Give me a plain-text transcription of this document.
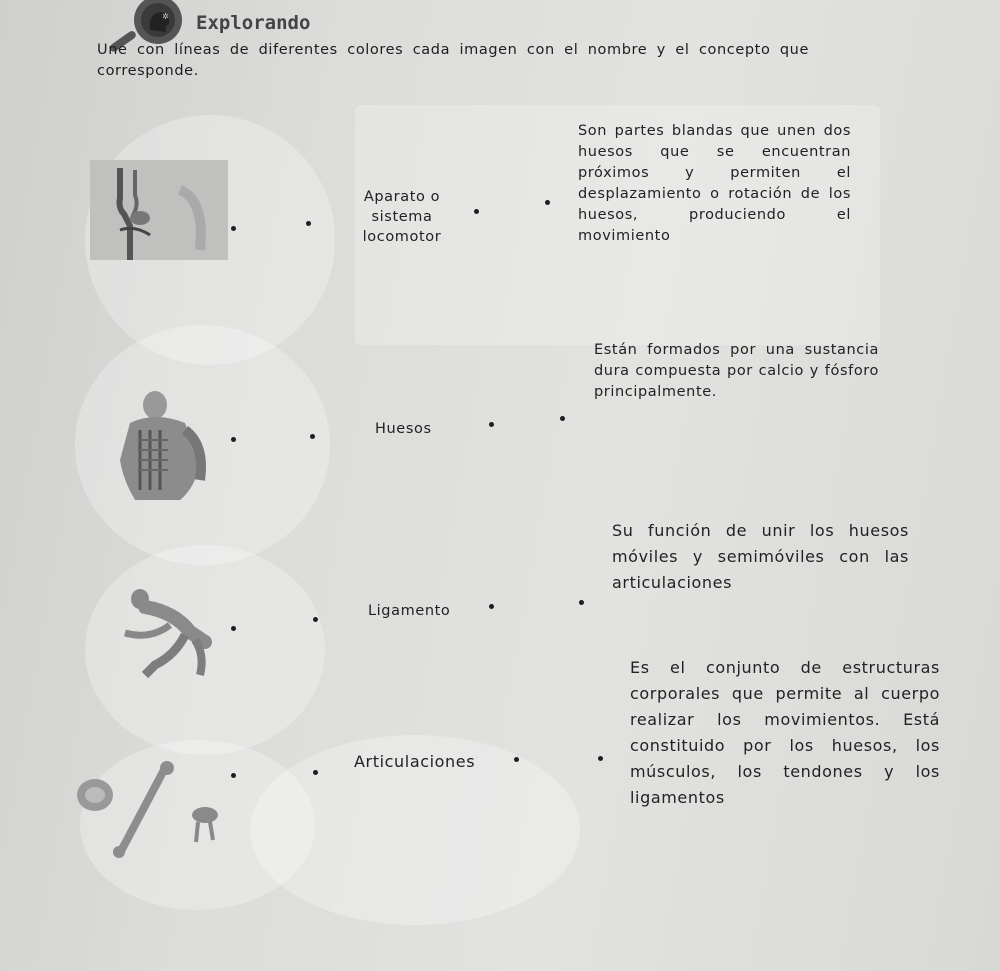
✲ Explorando
Une con líneas de diferentes colores cada imagen con el nombre y el concepto que corresponde.
Aparato o sistema locomotor
Huesos
Ligamento
Articulaciones
Son partes blandas que unen dos huesos que se encuentran próximos y permiten el desplazamiento o rotación de los huesos, produciendo el movimiento
Están formados por una sustancia dura compuesta por calcio y fósforo principalmente.
Su función de unir los huesos móviles y semimóviles con las articulaciones
Es el conjunto de estructuras corporales que permite al cuerpo realizar los movimientos. Está constituido por los huesos, los músculos, los tendones y los ligamentos
